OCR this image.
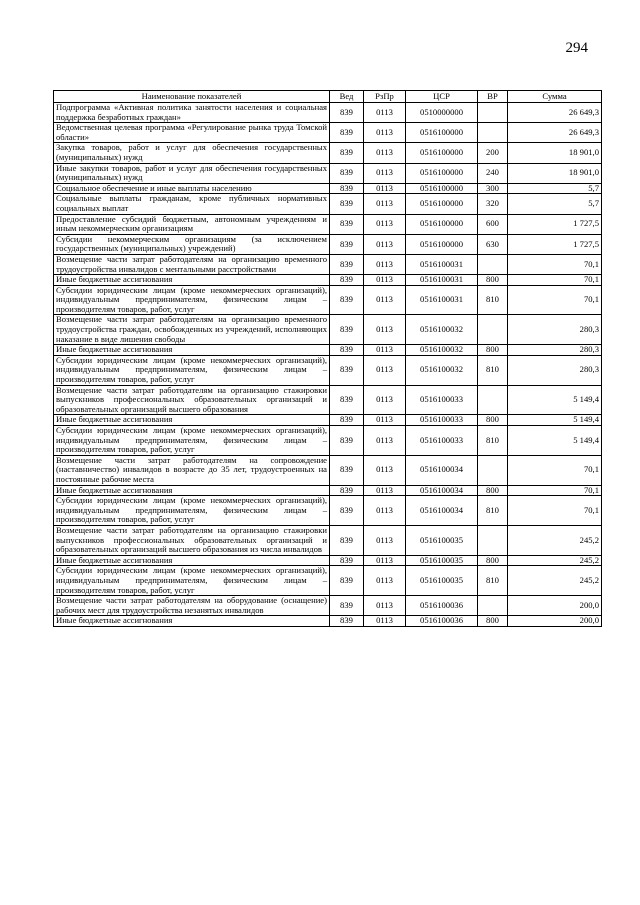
294
Наименование показателей	Вед	РзПр	ЦСР	ВР	Сумма
Подпрограмма «Активная политика занятости населения и социальная поддержка безработных граждан»	839	0113	0510000000		26 649,3
Ведомственная целевая программа «Регулирование рынка труда Томской области»	839	0113	0516100000		26 649,3
Закупка товаров, работ и услуг для обеспечения государственных (муниципальных) нужд	839	0113	0516100000	200	18 901,0
Иные закупки товаров, работ и услуг для обеспечения государственных (муниципальных) нужд	839	0113	0516100000	240	18 901,0
Социальное обеспечение и иные выплаты населению	839	0113	0516100000	300	5,7
Социальные выплаты гражданам, кроме публичных нормативных социальных выплат	839	0113	0516100000	320	5,7
Предоставление субсидий бюджетным, автономным учреждениям и иным некоммерческим организациям	839	0113	0516100000	600	1 727,5
Субсидии некоммерческим организациям (за исключением государственных (муниципальных) учреждений)	839	0113	0516100000	630	1 727,5
Возмещение части затрат работодателям на организацию временного трудоустройства инвалидов с ментальными расстройствами	839	0113	0516100031		70,1
Иные бюджетные ассигнования	839	0113	0516100031	800	70,1
Субсидии юридическим лицам (кроме некоммерческих организаций), индивидуальным предпринимателям, физическим лицам – производителям товаров, работ, услуг	839	0113	0516100031	810	70,1
Возмещение части затрат работодателям на организацию временного трудоустройства граждан, освобожденных из учреждений, исполняющих наказание в виде лишения свободы	839	0113	0516100032		280,3
Иные бюджетные ассигнования	839	0113	0516100032	800	280,3
Субсидии юридическим лицам (кроме некоммерческих организаций), индивидуальным предпринимателям, физическим лицам – производителям товаров, работ, услуг	839	0113	0516100032	810	280,3
Возмещение части затрат работодателям на организацию стажировки выпускников профессиональных образовательных организаций и образовательных организаций высшего образования	839	0113	0516100033		5 149,4
Иные бюджетные ассигнования	839	0113	0516100033	800	5 149,4
Субсидии юридическим лицам (кроме некоммерческих организаций), индивидуальным предпринимателям, физическим лицам – производителям товаров, работ, услуг	839	0113	0516100033	810	5 149,4
Возмещение части затрат работодателям на сопровождение (наставничество) инвалидов в возрасте до 35 лет, трудоустроенных на постоянные рабочие места	839	0113	0516100034		70,1
Иные бюджетные ассигнования	839	0113	0516100034	800	70,1
Субсидии юридическим лицам (кроме некоммерческих организаций), индивидуальным предпринимателям, физическим лицам – производителям товаров, работ, услуг	839	0113	0516100034	810	70,1
Возмещение части затрат работодателям на организацию стажировки выпускников профессиональных образовательных организаций и образовательных организаций высшего образования из числа инвалидов	839	0113	0516100035		245,2
Иные бюджетные ассигнования	839	0113	0516100035	800	245,2
Субсидии юридическим лицам (кроме некоммерческих организаций), индивидуальным предпринимателям, физическим лицам – производителям товаров, работ, услуг	839	0113	0516100035	810	245,2
Возмещение части затрат работодателям на оборудование (оснащение) рабочих мест для трудоустройства незанятых инвалидов	839	0113	0516100036		200,0
Иные бюджетные ассигнования	839	0113	0516100036	800	200,0
